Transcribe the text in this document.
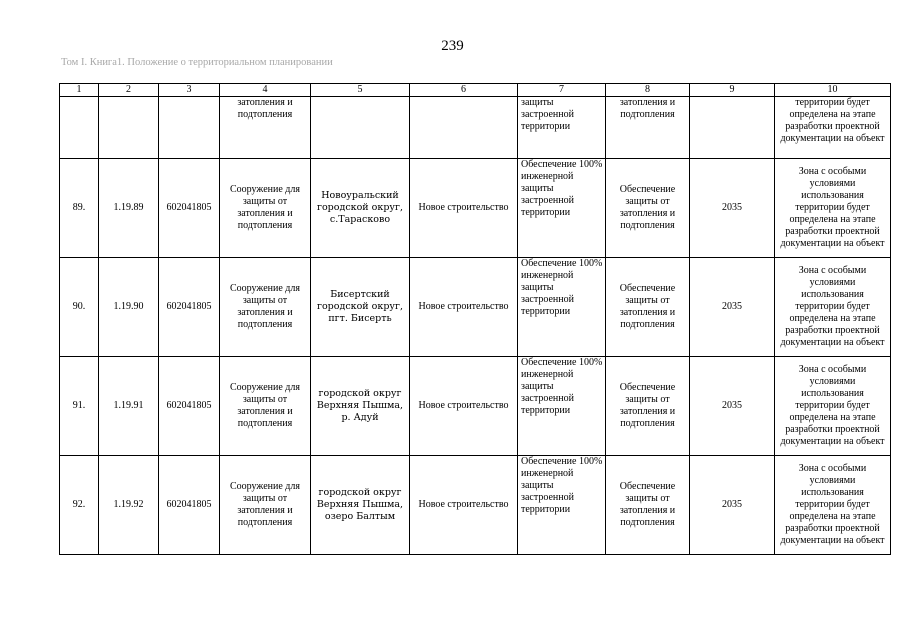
239
Том I. Книга1. Положение о территориальном планировании
1	2	3	4	5	6	7	8	9	10
			затопления и подтопления			защиты застроенной территории	затопления и подтопления		территории будет определена на этапе разработки проектной документации на объект
89.	1.19.89	602041805	Сооружение для защиты от затопления и подтопления	Новоуральский городской округ, с.Тарасково	Новое строительство	Обеспечение 100% инженерной защиты застроенной территории	Обеспечение защиты от затопления и подтопления	2035	Зона с особыми условиями использования территории будет определена на этапе разработки проектной документации на объект
90.	1.19.90	602041805	Сооружение для защиты от затопления и подтопления	Бисертский городской округ, пгт. Бисерть	Новое строительство	Обеспечение 100% инженерной защиты застроенной территории	Обеспечение защиты от затопления и подтопления	2035	Зона с особыми условиями использования территории будет определена на этапе разработки проектной документации на объект
91.	1.19.91	602041805	Сооружение для защиты от затопления и подтопления	городской округ Верхняя Пышма, р. Адуй	Новое строительство	Обеспечение 100% инженерной защиты застроенной территории	Обеспечение защиты от затопления и подтопления	2035	Зона с особыми условиями использования территории будет определена на этапе разработки проектной документации на объект
92.	1.19.92	602041805	Сооружение для защиты от затопления и подтопления	городской округ Верхняя Пышма, озеро Балтым	Новое строительство	Обеспечение 100% инженерной защиты застроенной территории	Обеспечение защиты от затопления и подтопления	2035	Зона с особыми условиями использования территории будет определена на этапе разработки проектной документации на объект
